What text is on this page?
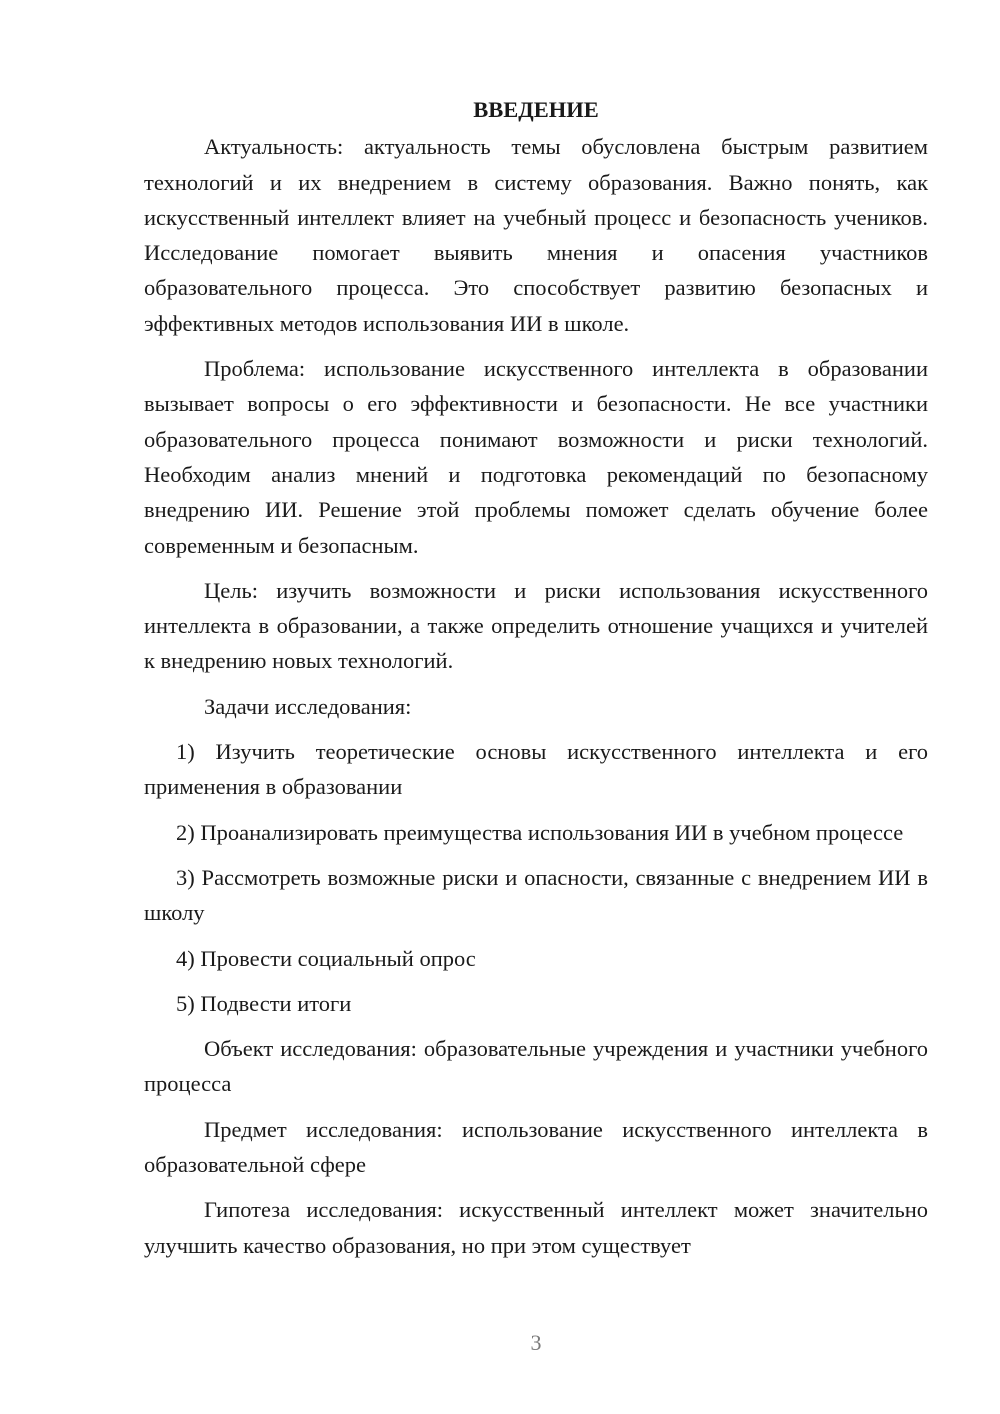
ВВЕДЕНИЕ

Актуальность: актуальность темы обусловлена быстрым развитием технологий и их внедрением в систему образования. Важно понять, как искусственный интеллект влияет на учебный процесс и безопасность учеников. Исследование помогает выявить мнения и опасения участников образовательного процесса. Это способствует развитию безопасных и эффективных методов использования ИИ в школе.

Проблема: использование искусственного интеллекта в образовании вызывает вопросы о его эффективности и безопасности. Не все участники образовательного процесса понимают возможности и риски технологий. Необходим анализ мнений и подготовка рекомендаций по безопасному внедрению ИИ. Решение этой проблемы поможет сделать обучение более современным и безопасным.

Цель: изучить возможности и риски использования искусственного интеллекта в образовании, а также определить отношение учащихся и учителей к внедрению новых технологий.

Задачи исследования:

1) Изучить теоретические основы искусственного интеллекта и его применения в образовании

2) Проанализировать преимущества использования ИИ в учебном процессе

3) Рассмотреть возможные риски и опасности, связанные с внедрением ИИ в школу

4) Провести социальный опрос

5) Подвести итоги

Объект исследования: образовательные учреждения и участники учебного процесса

Предмет исследования: использование искусственного интеллекта в образовательной сфере

Гипотеза исследования: искусственный интеллект может значительно улучшить качество образования, но при этом существует

3
